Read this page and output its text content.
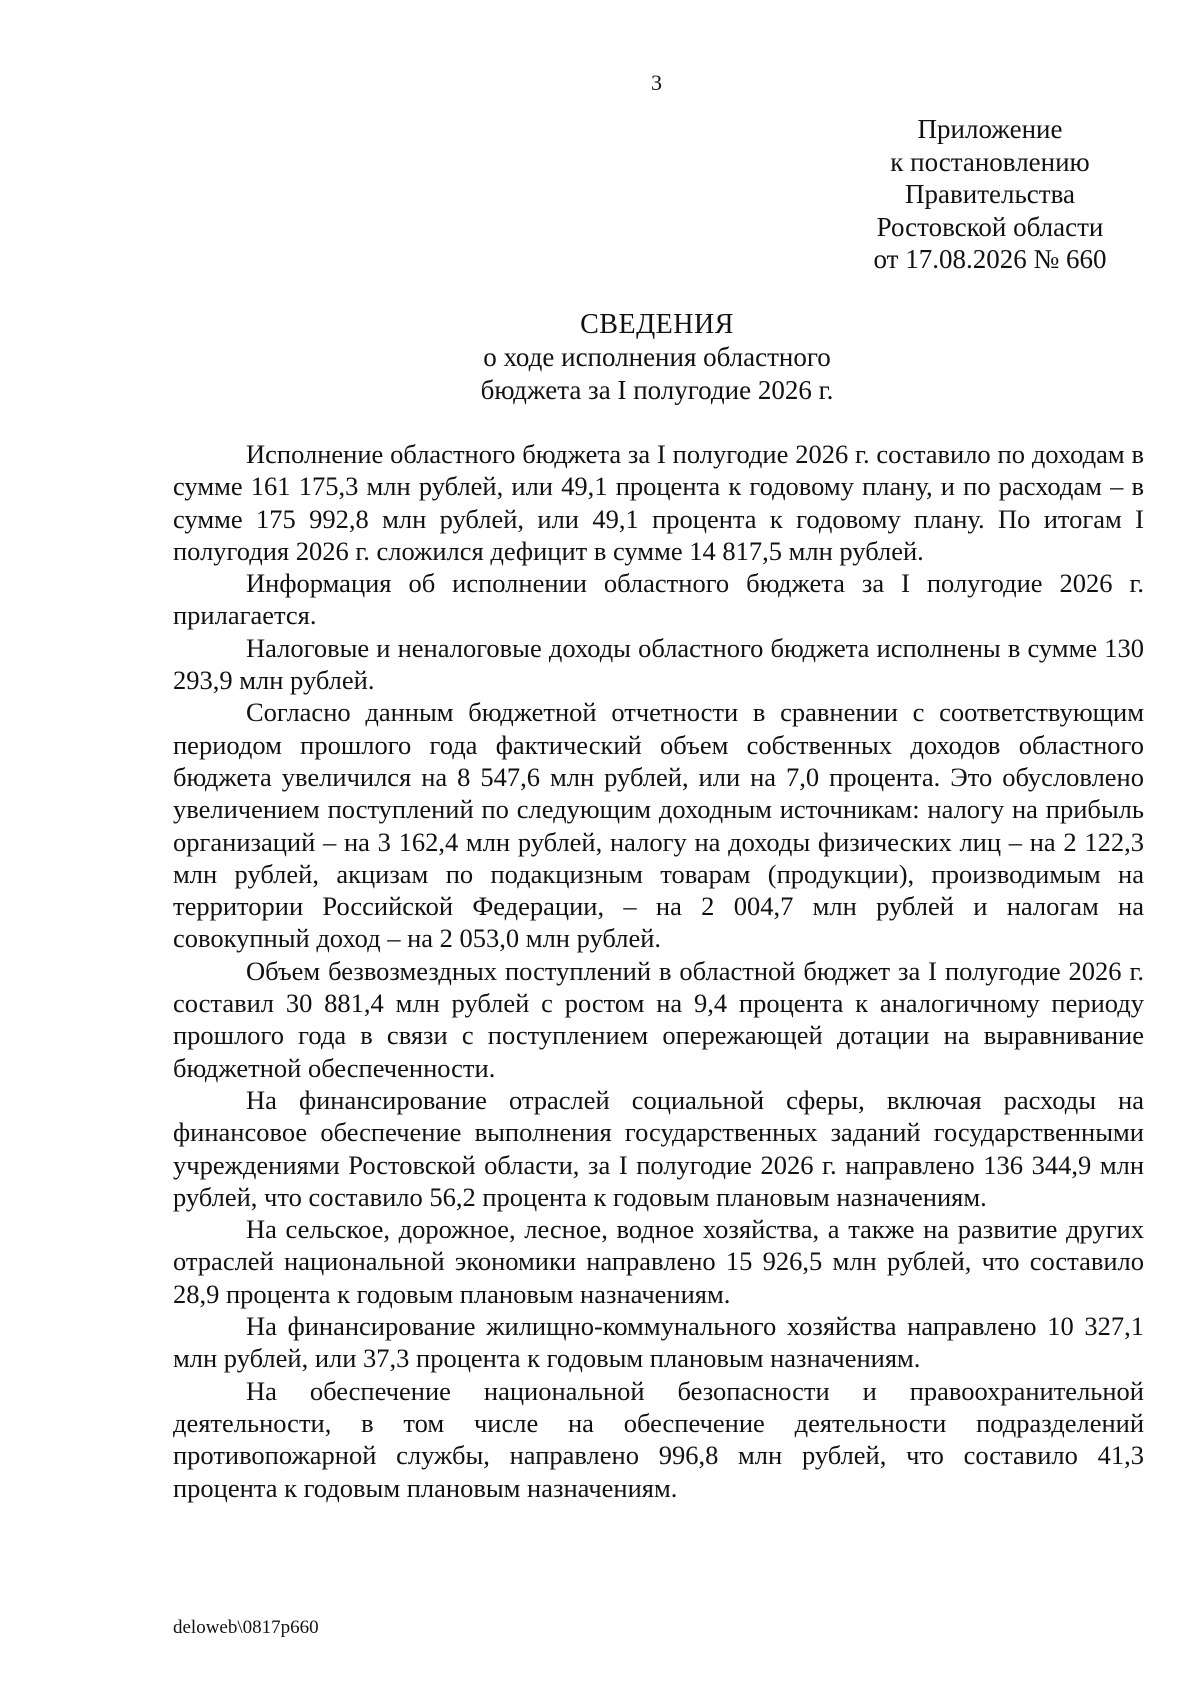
3
Приложение
к постановлению
Правительства
Ростовской области
от 17.08.2026 № 660
СВЕДЕНИЯ
о ходе исполнения областного
бюджета за I полугодие 2026 г.

Исполнение областного бюджета за I полугодие 2026 г. составило по доходам в сумме 161 175,3 млн рублей, или 49,1 процента к годовому плану, и по расходам – в сумме 175 992,8 млн рублей, или 49,1 процента к годовому плану. По итогам I полугодия 2026 г. сложился дефицит в сумме 14 817,5 млн рублей.

Информация об исполнении областного бюджета за I полугодие 2026 г. прилагается.

Налоговые и неналоговые доходы областного бюджета исполнены в сумме 130 293,9 млн рублей.

Согласно данным бюджетной отчетности в сравнении с соответствующим периодом прошлого года фактический объем собственных доходов областного бюджета увеличился на 8 547,6 млн рублей, или на 7,0 процента. Это обусловлено увеличением поступлений по следующим доходным источникам: налогу на прибыль организаций – на 3 162,4 млн рублей, налогу на доходы физических лиц – на 2 122,3 млн рублей, акцизам по подакцизным товарам (продукции), производимым на территории Российской Федерации, – на 2 004,7 млн рублей и налогам на совокупный доход – на 2 053,0 млн рублей.

Объем безвозмездных поступлений в областной бюджет за I полугодие 2026 г. составил 30 881,4 млн рублей с ростом на 9,4 процента к аналогичному периоду прошлого года в связи с поступлением опережающей дотации на выравнивание бюджетной обеспеченности.

На финансирование отраслей социальной сферы, включая расходы на финансовое обеспечение выполнения государственных заданий государственными учреждениями Ростовской области, за I полугодие 2026 г. направлено 136 344,9 млн рублей, что составило 56,2 процента к годовым плановым назначениям.

На сельское, дорожное, лесное, водное хозяйства, а также на развитие других отраслей национальной экономики направлено 15 926,5 млн рублей, что составило 28,9 процента к годовым плановым назначениям.

На финансирование жилищно-коммунального хозяйства направлено 10 327,1 млн рублей, или 37,3 процента к годовым плановым назначениям.

На обеспечение национальной безопасности и правоохранительной деятельности, в том числе на обеспечение деятельности подразделений противопожарной службы, направлено 996,8 млн рублей, что составило 41,3 процента к годовым плановым назначениям.

deloweb\0817p660
